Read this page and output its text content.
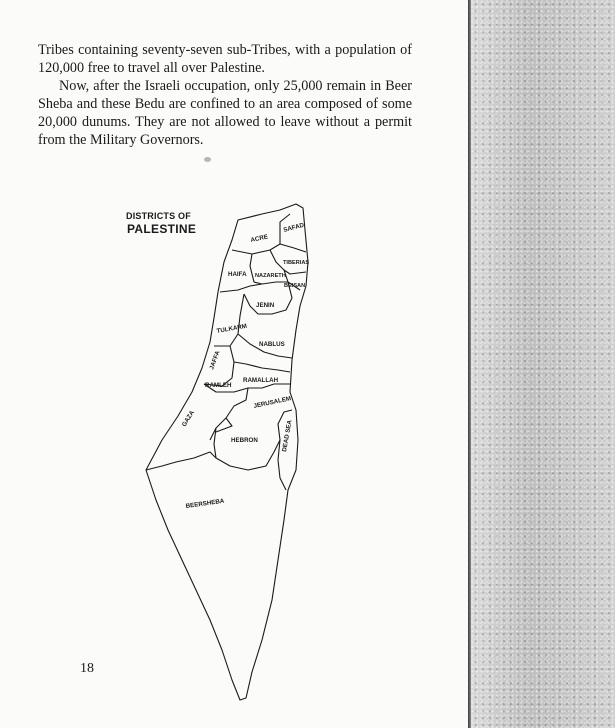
Tribes containing seventy-seven sub-Tribes, with a population of 120,000 free to travel all over Palestine.

Now, after the Israeli occupation, only 25,000 remain in Beer Sheba and these Bedu are confined to an area composed of some 20,000 dunums. They are not allowed to leave without a permit from the Military Governors.

ACRE
SAFAD
HAIFA NAZARETH
TIBERIAS
BEISAN
JENIN
TULKARM
NABLUS
JAFFA
RAMLEH
RAMALLAH
JERUSALEM
GAZA
HEBRON	DEAD SEA
BEERSHEBA
DISTRICTS OF
PALESTINE
18
